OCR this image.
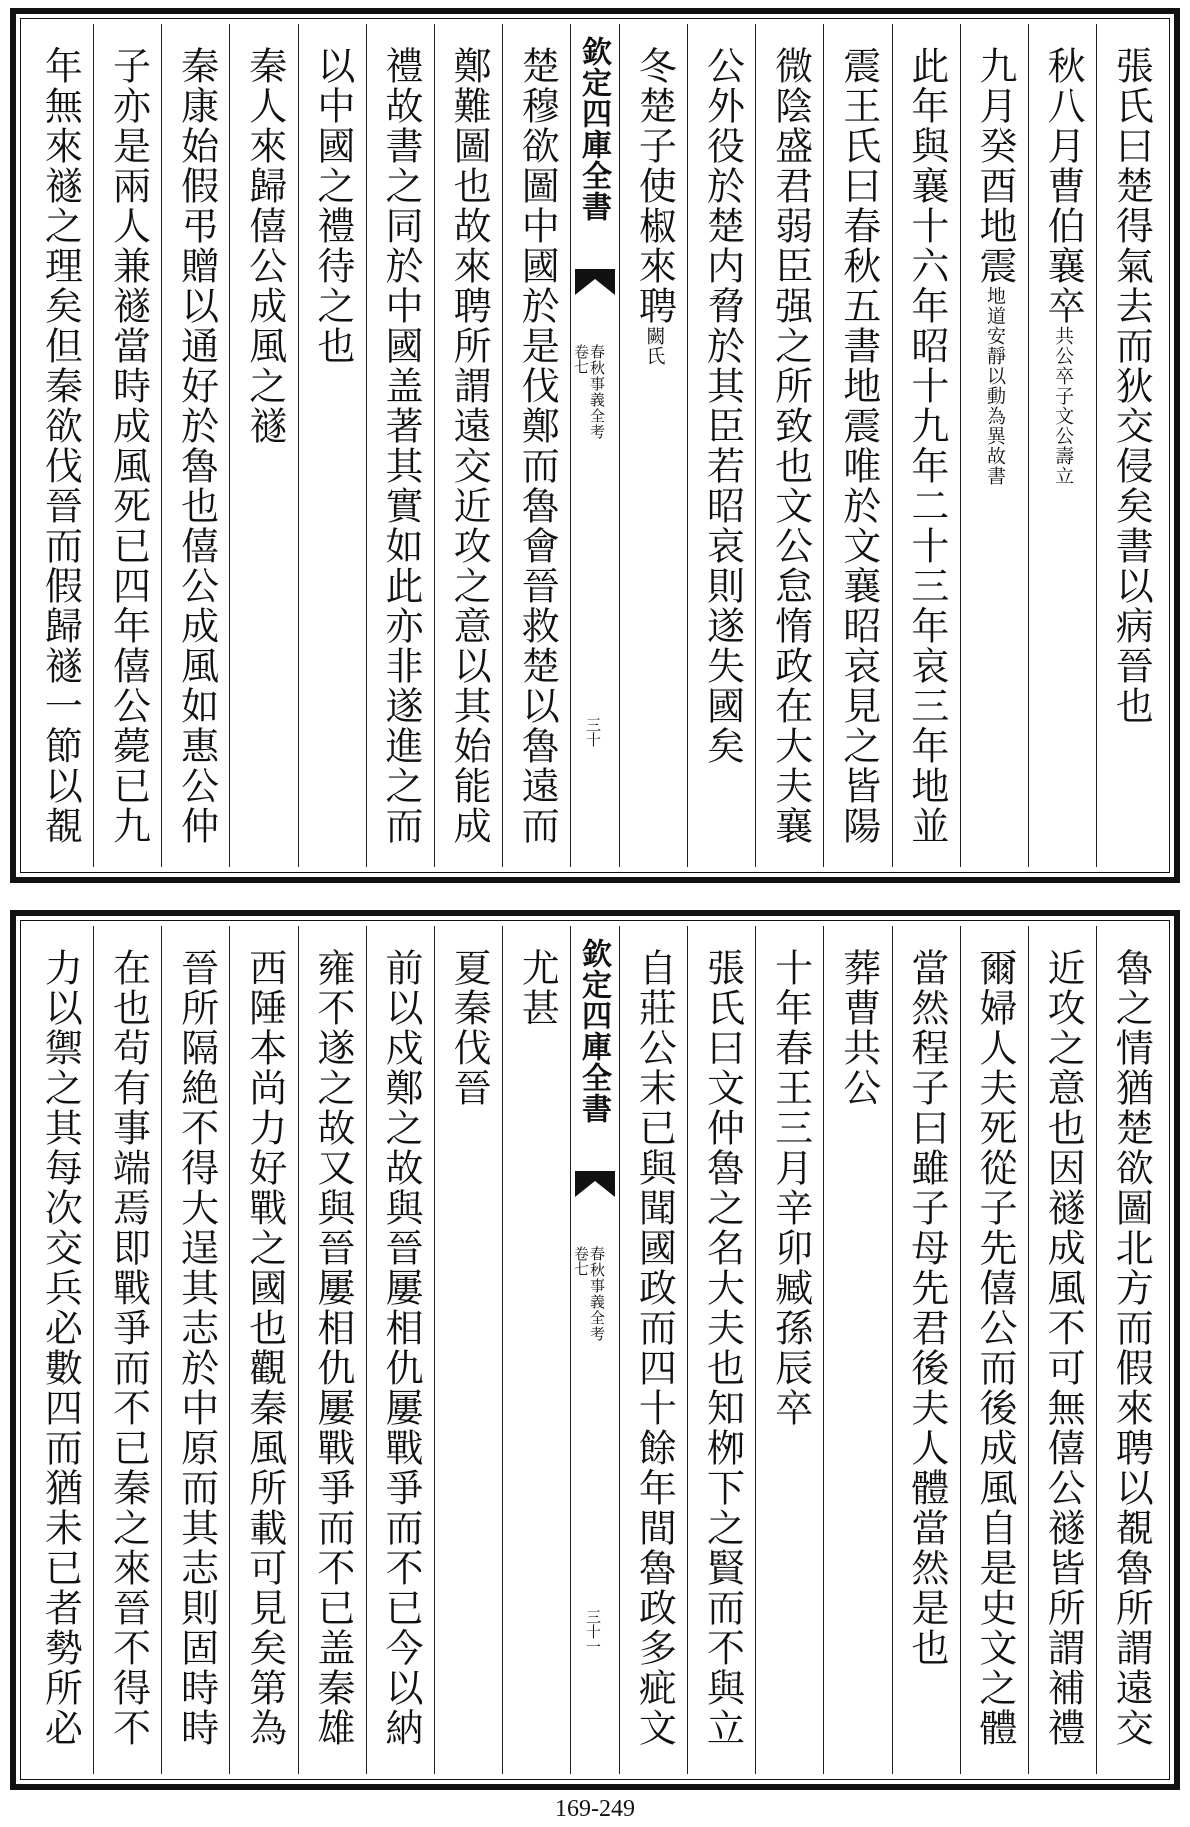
張氏曰楚得氣去而狄交侵矣書以病晉也
秋八月曹伯襄卒共公卒子文公壽立
九月癸酉地震地道安靜以動為異故書
此年與襄十六年昭十九年二十三年哀三年地並
震王氏曰春秋五書地震唯於文襄昭哀見之皆陽
微陰盛君弱臣强之所致也文公怠惰政在大夫襄
公外役於楚内脅於其臣若昭哀則遂失國矣
冬楚子使椒來聘闕氏
欽定四庫全書
春秋事義全考
卷七
三十
楚穆欲圖中國於是伐鄭而魯會晉救楚以魯遠而
鄭難圖也故來聘所謂遠交近攻之意以其始能成
禮故書之同於中國盖著其實如此亦非遂進之而
以中國之禮待之也
秦人來歸僖公成風之禭
秦康始假弔贈以通好於魯也僖公成風如惠公仲
子亦是兩人兼禭當時成風死已四年僖公薨已九
年無來禭之理矣但秦欲伐晉而假歸禭一節以覩
魯之情猶楚欲圖北方而假來聘以覩魯所謂遠交
近攻之意也因禭成風不可無僖公禭皆所謂補禮
爾婦人夫死從子先僖公而後成風自是史文之體
當然程子曰雖子母先君後夫人體當然是也
葬曹共公
十年春王三月辛卯臧孫辰卒
張氏曰文仲魯之名大夫也知栁下之賢而不與立
自莊公末已與聞國政而四十餘年間魯政多疵文
欽定四庫全書
春秋事義全考
卷七
三十一
尤甚
夏秦伐晉
前以戍鄭之故與晉屢相仇屢戰爭而不已今以納
雍不遂之故又與晉屢相仇屢戰爭而不已盖秦雄
西陲本尚力好戰之國也觀秦風所載可見矣第為
晉所隔絶不得大逞其志於中原而其志則固時時
在也茍有事端焉即戰爭而不已秦之來晉不得不
力以禦之其每次交兵必數四而猶未已者勢所必
169-249
